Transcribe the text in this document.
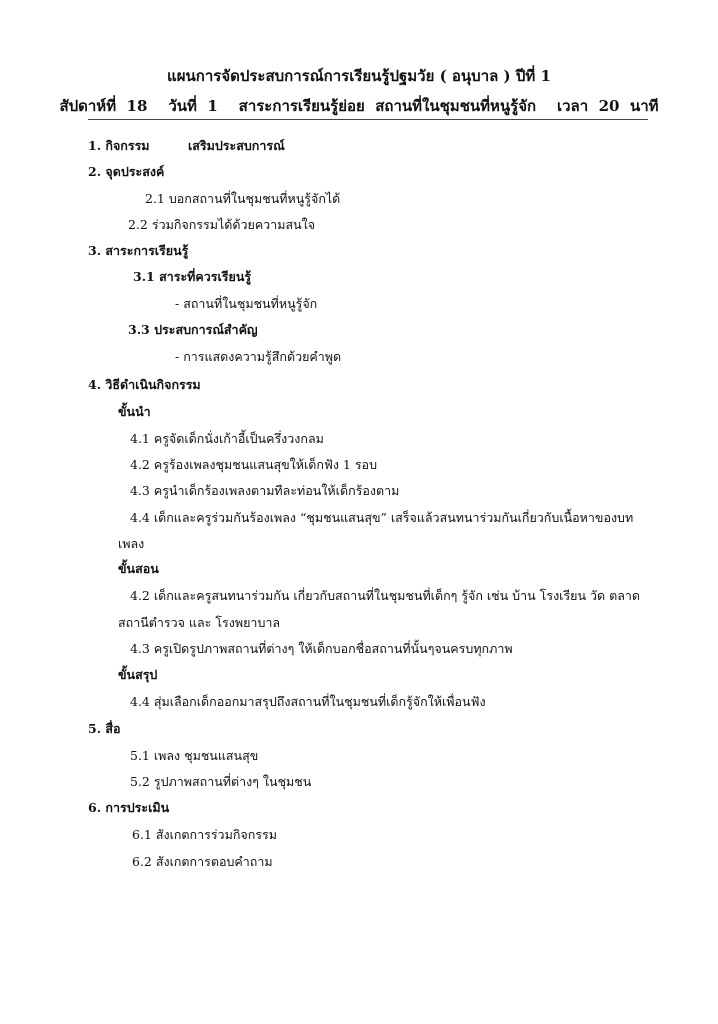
แผนการจัดประสบการณ์การเรียนรู้ปฐมวัย ( อนุบาล ) ปีที่ 1
สัปดาห์ที่ 18 วันที่ 1 สาระการเรียนรู้ย่อย สถานที่ในชุมชนที่หนูรู้จัก เวลา 20 นาที
1. กิจกรรม	เสริมประสบการณ์
2. จุดประสงค์
2.1 บอกสถานที่ในชุมชนที่หนูรู้จักได้
2.2 ร่วมกิจกรรมได้ด้วยความสนใจ
3. สาระการเรียนรู้
3.1 สาระที่ควรเรียนรู้
- สถานที่ในชุมชนที่หนูรู้จัก
3.3 ประสบการณ์สำคัญ
- การแสดงความรู้สึกด้วยคำพูด
4. วิธีดำเนินกิจกรรม
ขั้นนำ
4.1 ครูจัดเด็กนั่งเก้าอี้เป็นครึ่งวงกลม
4.2 ครูร้องเพลงชุมชนแสนสุขให้เด็กฟัง 1 รอบ
4.3 ครูนำเด็กร้องเพลงตามทีละท่อนให้เด็กร้องตาม
4.4 เด็กและครูร่วมกันร้องเพลง “ชุมชนแสนสุข” เสร็จแล้วสนทนาร่วมกันเกี่ยวกับเนื้อหาของบท
เพลง
ขั้นสอน
4.2 เด็กและครูสนทนาร่วมกัน เกี่ยวกับสถานที่ในชุมชนที่เด็กๆ รู้จัก เช่น บ้าน โรงเรียน วัด ตลาด
สถานีตำรวจ และ โรงพยาบาล
4.3 ครูเปิดรูปภาพสถานที่ต่างๆ ให้เด็กบอกชื่อสถานที่นั้นๆจนครบทุกภาพ
ขั้นสรุป
4.4 สุ่มเลือกเด็กออกมาสรุปถึงสถานที่ในชุมชนที่เด็กรู้จักให้เพื่อนฟัง
5. สื่อ
5.1 เพลง ชุมชนแสนสุข
5.2 รูปภาพสถานที่ต่างๆ ในชุมชน
6. การประเมิน
6.1 สังเกตการร่วมกิจกรรม
6.2 สังเกตการตอบคำถาม
